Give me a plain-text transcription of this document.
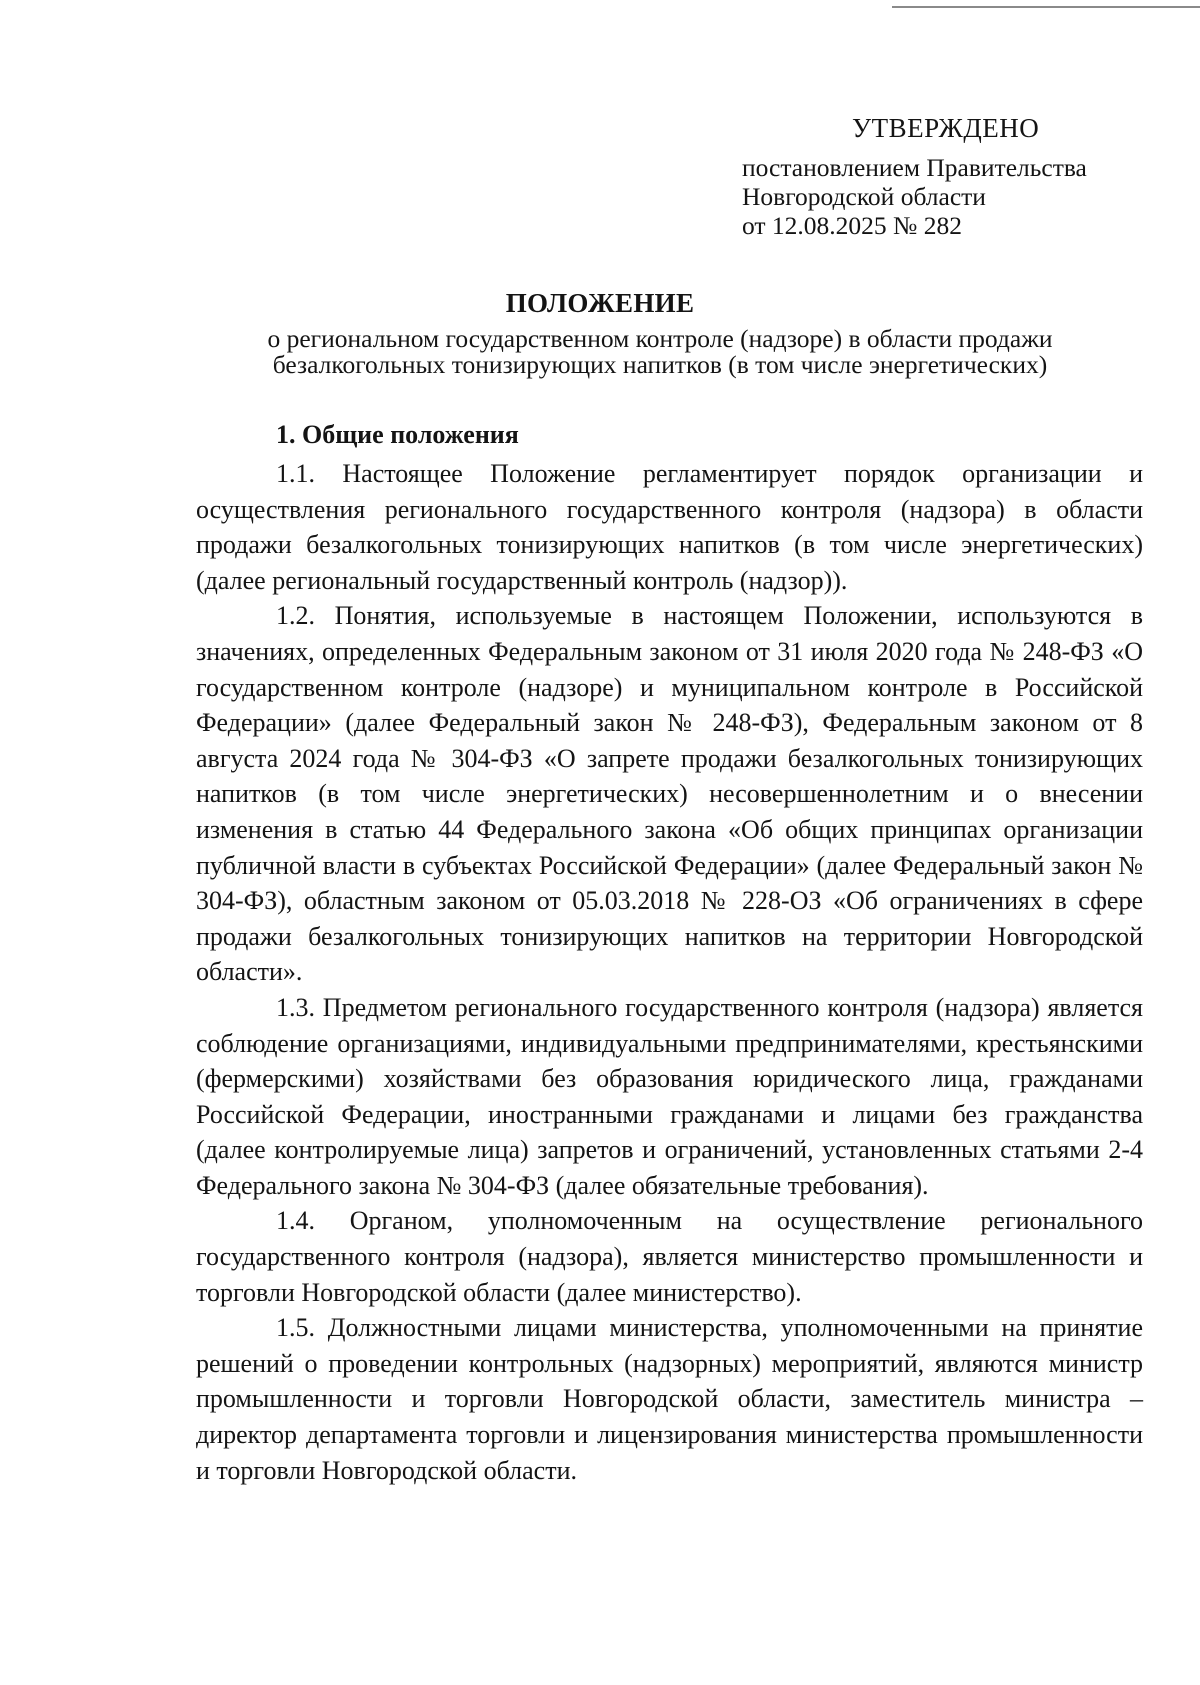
УТВЕРЖДЕНО
постановлением Правительства
Новгородской области
от 12.08.2025 № 282
ПОЛОЖЕНИЕ
о региональном государственном контроле (надзоре) в области продажи
безалкогольных тонизирующих напитков (в том числе энергетических)
1. Общие положения

1.1. Настоящее Положение регламентирует порядок организации и осуществления регионального государственного контроля (надзора) в области продажи безалкогольных тонизирующих напитков (в том числе энергетических) (далее региональный государственный контроль (надзор)).

1.2. Понятия, используемые в настоящем Положении, используются в значениях, определенных Федеральным законом от 31 июля 2020 года № 248-ФЗ «О государственном контроле (надзоре) и муниципальном контроле в Российской Федерации» (далее Федеральный закон № 248-ФЗ), Федеральным законом от 8 августа 2024 года № 304-ФЗ «О запрете продажи безалкогольных тонизирующих напитков (в том числе энергетических) несовершеннолетним и о внесении изменения в статью 44 Федерального закона «Об общих принципах организации публичной власти в субъектах Российской Федерации» (далее Федеральный закон № 304-ФЗ), областным законом от 05.03.2018 № 228-ОЗ «Об ограничениях в сфере продажи безалкогольных тонизирующих напитков на территории Новгородской области».

1.3. Предметом регионального государственного контроля (надзора) является соблюдение организациями, индивидуальными предпринимателями, крестьянскими (фермерскими) хозяйствами без образования юридического лица, гражданами Российской Федерации, иностранными гражданами и лицами без гражданства (далее контролируемые лица) запретов и ограничений, установленных статьями 2-4 Федерального закона № 304-ФЗ (далее обязательные требования).

1.4. Органом, уполномоченным на осуществление регионального государственного контроля (надзора), является министерство промышленности и торговли Новгородской области (далее министерство).

1.5. Должностными лицами министерства, уполномоченными на принятие решений о проведении контрольных (надзорных) мероприятий, являются министр промышленности и торговли Новгородской области, заместитель министра – директор департамента торговли и лицензирования министерства промышленности и торговли Новгородской области.
